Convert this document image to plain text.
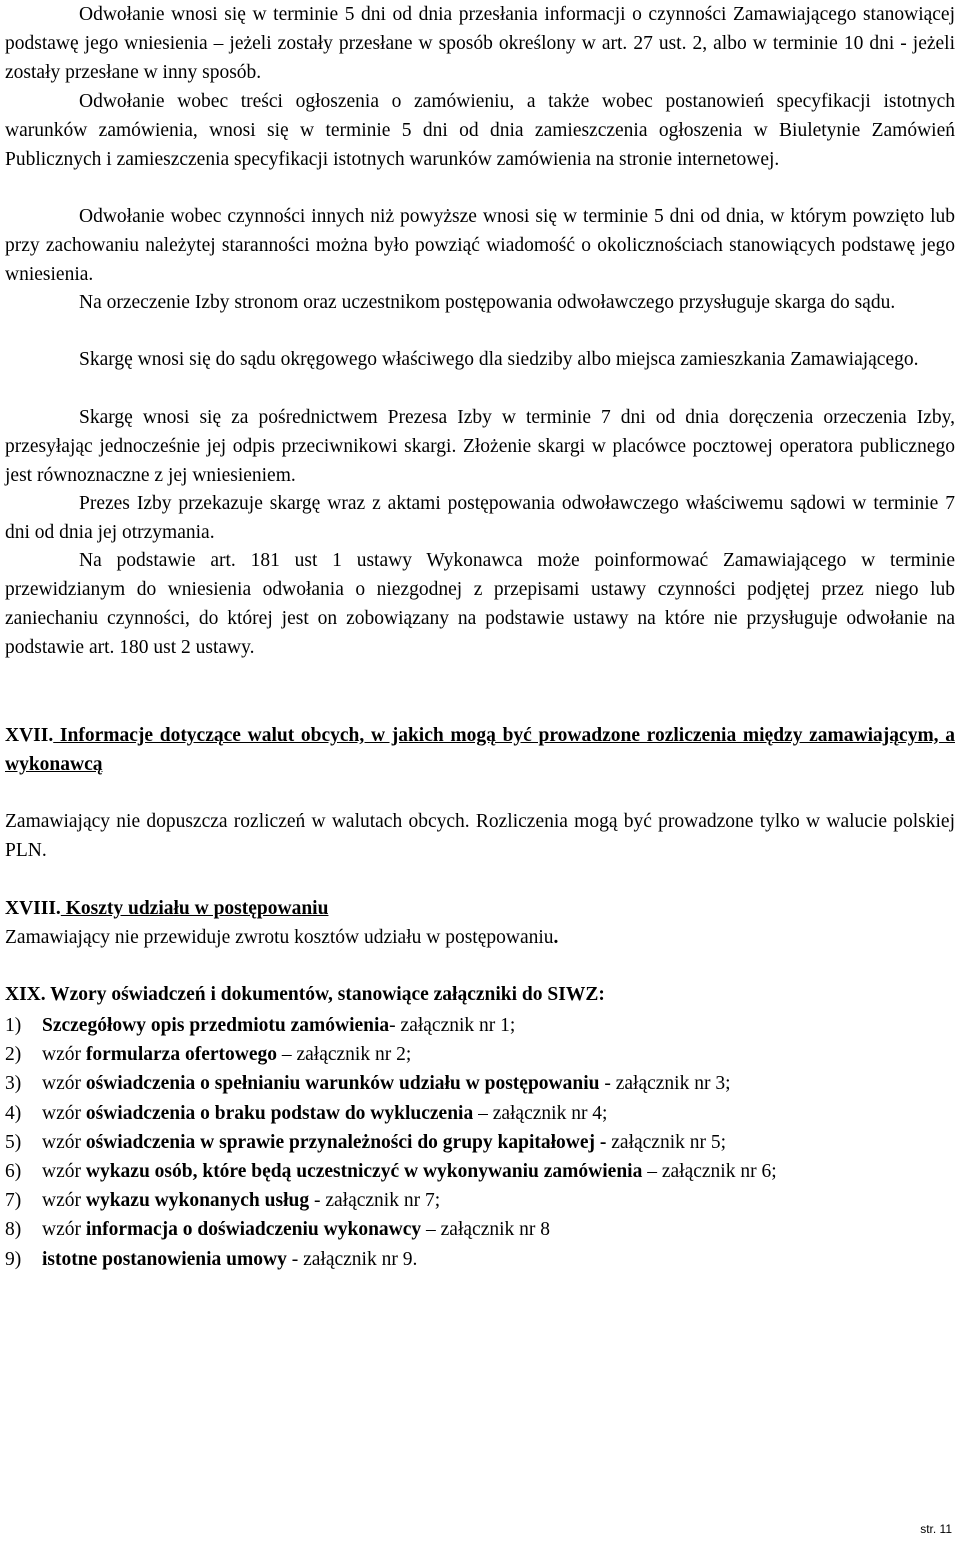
Odwołanie wnosi się w terminie 5 dni od dnia przesłania informacji o czynności Zamawiającego stanowiącej podstawę jego wniesienia – jeżeli zostały przesłane w sposób określony w art. 27 ust. 2, albo w terminie 10 dni - jeżeli zostały przesłane w inny sposób.

Odwołanie wobec treści ogłoszenia o zamówieniu, a także wobec postanowień specyfikacji istotnych warunków zamówienia, wnosi się w terminie 5 dni od dnia zamieszczenia ogłoszenia w Biuletynie Zamówień Publicznych i zamieszczenia specyfikacji istotnych warunków zamówienia na stronie internetowej.

Odwołanie wobec czynności innych niż powyższe wnosi się w terminie 5 dni od dnia, w którym powzięto lub przy zachowaniu należytej staranności można było powziąć wiadomość o okolicznościach stanowiących podstawę jego wniesienia.

Na orzeczenie Izby stronom oraz uczestnikom postępowania odwoławczego przysługuje skarga do sądu.

Skargę wnosi się do sądu okręgowego właściwego dla siedziby albo miejsca zamieszkania Zamawiającego.

Skargę wnosi się za pośrednictwem Prezesa Izby w terminie 7 dni od dnia doręczenia orzeczenia Izby, przesyłając jednocześnie jej odpis przeciwnikowi skargi. Złożenie skargi w placówce pocztowej operatora publicznego jest równoznaczne z jej wniesieniem.

Prezes Izby przekazuje skargę wraz z aktami postępowania odwoławczego właściwemu sądowi w terminie 7 dni od dnia jej otrzymania.

Na podstawie art. 181 ust 1 ustawy Wykonawca może poinformować Zamawiającego w terminie przewidzianym do wniesienia odwołania o niezgodnej z przepisami ustawy czynności podjętej przez niego lub zaniechaniu czynności, do której jest on zobowiązany na podstawie ustawy na które nie przysługuje odwołanie na podstawie art. 180 ust 2 ustawy.

XVII. Informacje dotyczące walut obcych, w jakich mogą być prowadzone rozliczenia między zamawiającym, a wykonawcą

Zamawiający nie dopuszcza rozliczeń w walutach obcych. Rozliczenia mogą być prowadzone tylko w walucie polskiej PLN.

XVIII. Koszty udziału w postępowaniu

Zamawiający nie przewiduje zwrotu kosztów udziału w postępowaniu.

XIX. Wzory oświadczeń i dokumentów, stanowiące załączniki do SIWZ:

1) Szczegółowy opis przedmiotu zamówienia- załącznik nr 1;
2) wzór formularza ofertowego – załącznik nr 2;
3) wzór oświadczenia o spełnianiu warunków udziału w postępowaniu - załącznik nr 3;
4) wzór oświadczenia o braku podstaw do wykluczenia – załącznik nr 4;
5) wzór oświadczenia w sprawie przynależności do grupy kapitałowej - załącznik nr 5;
6) wzór wykazu osób, które będą uczestniczyć w wykonywaniu zamówienia – załącznik nr 6;
7) wzór wykazu wykonanych usług - załącznik nr 7;
8) wzór informacja o doświadczeniu wykonawcy – załącznik nr 8
9) istotne postanowienia umowy - załącznik nr 9.
str. 11
